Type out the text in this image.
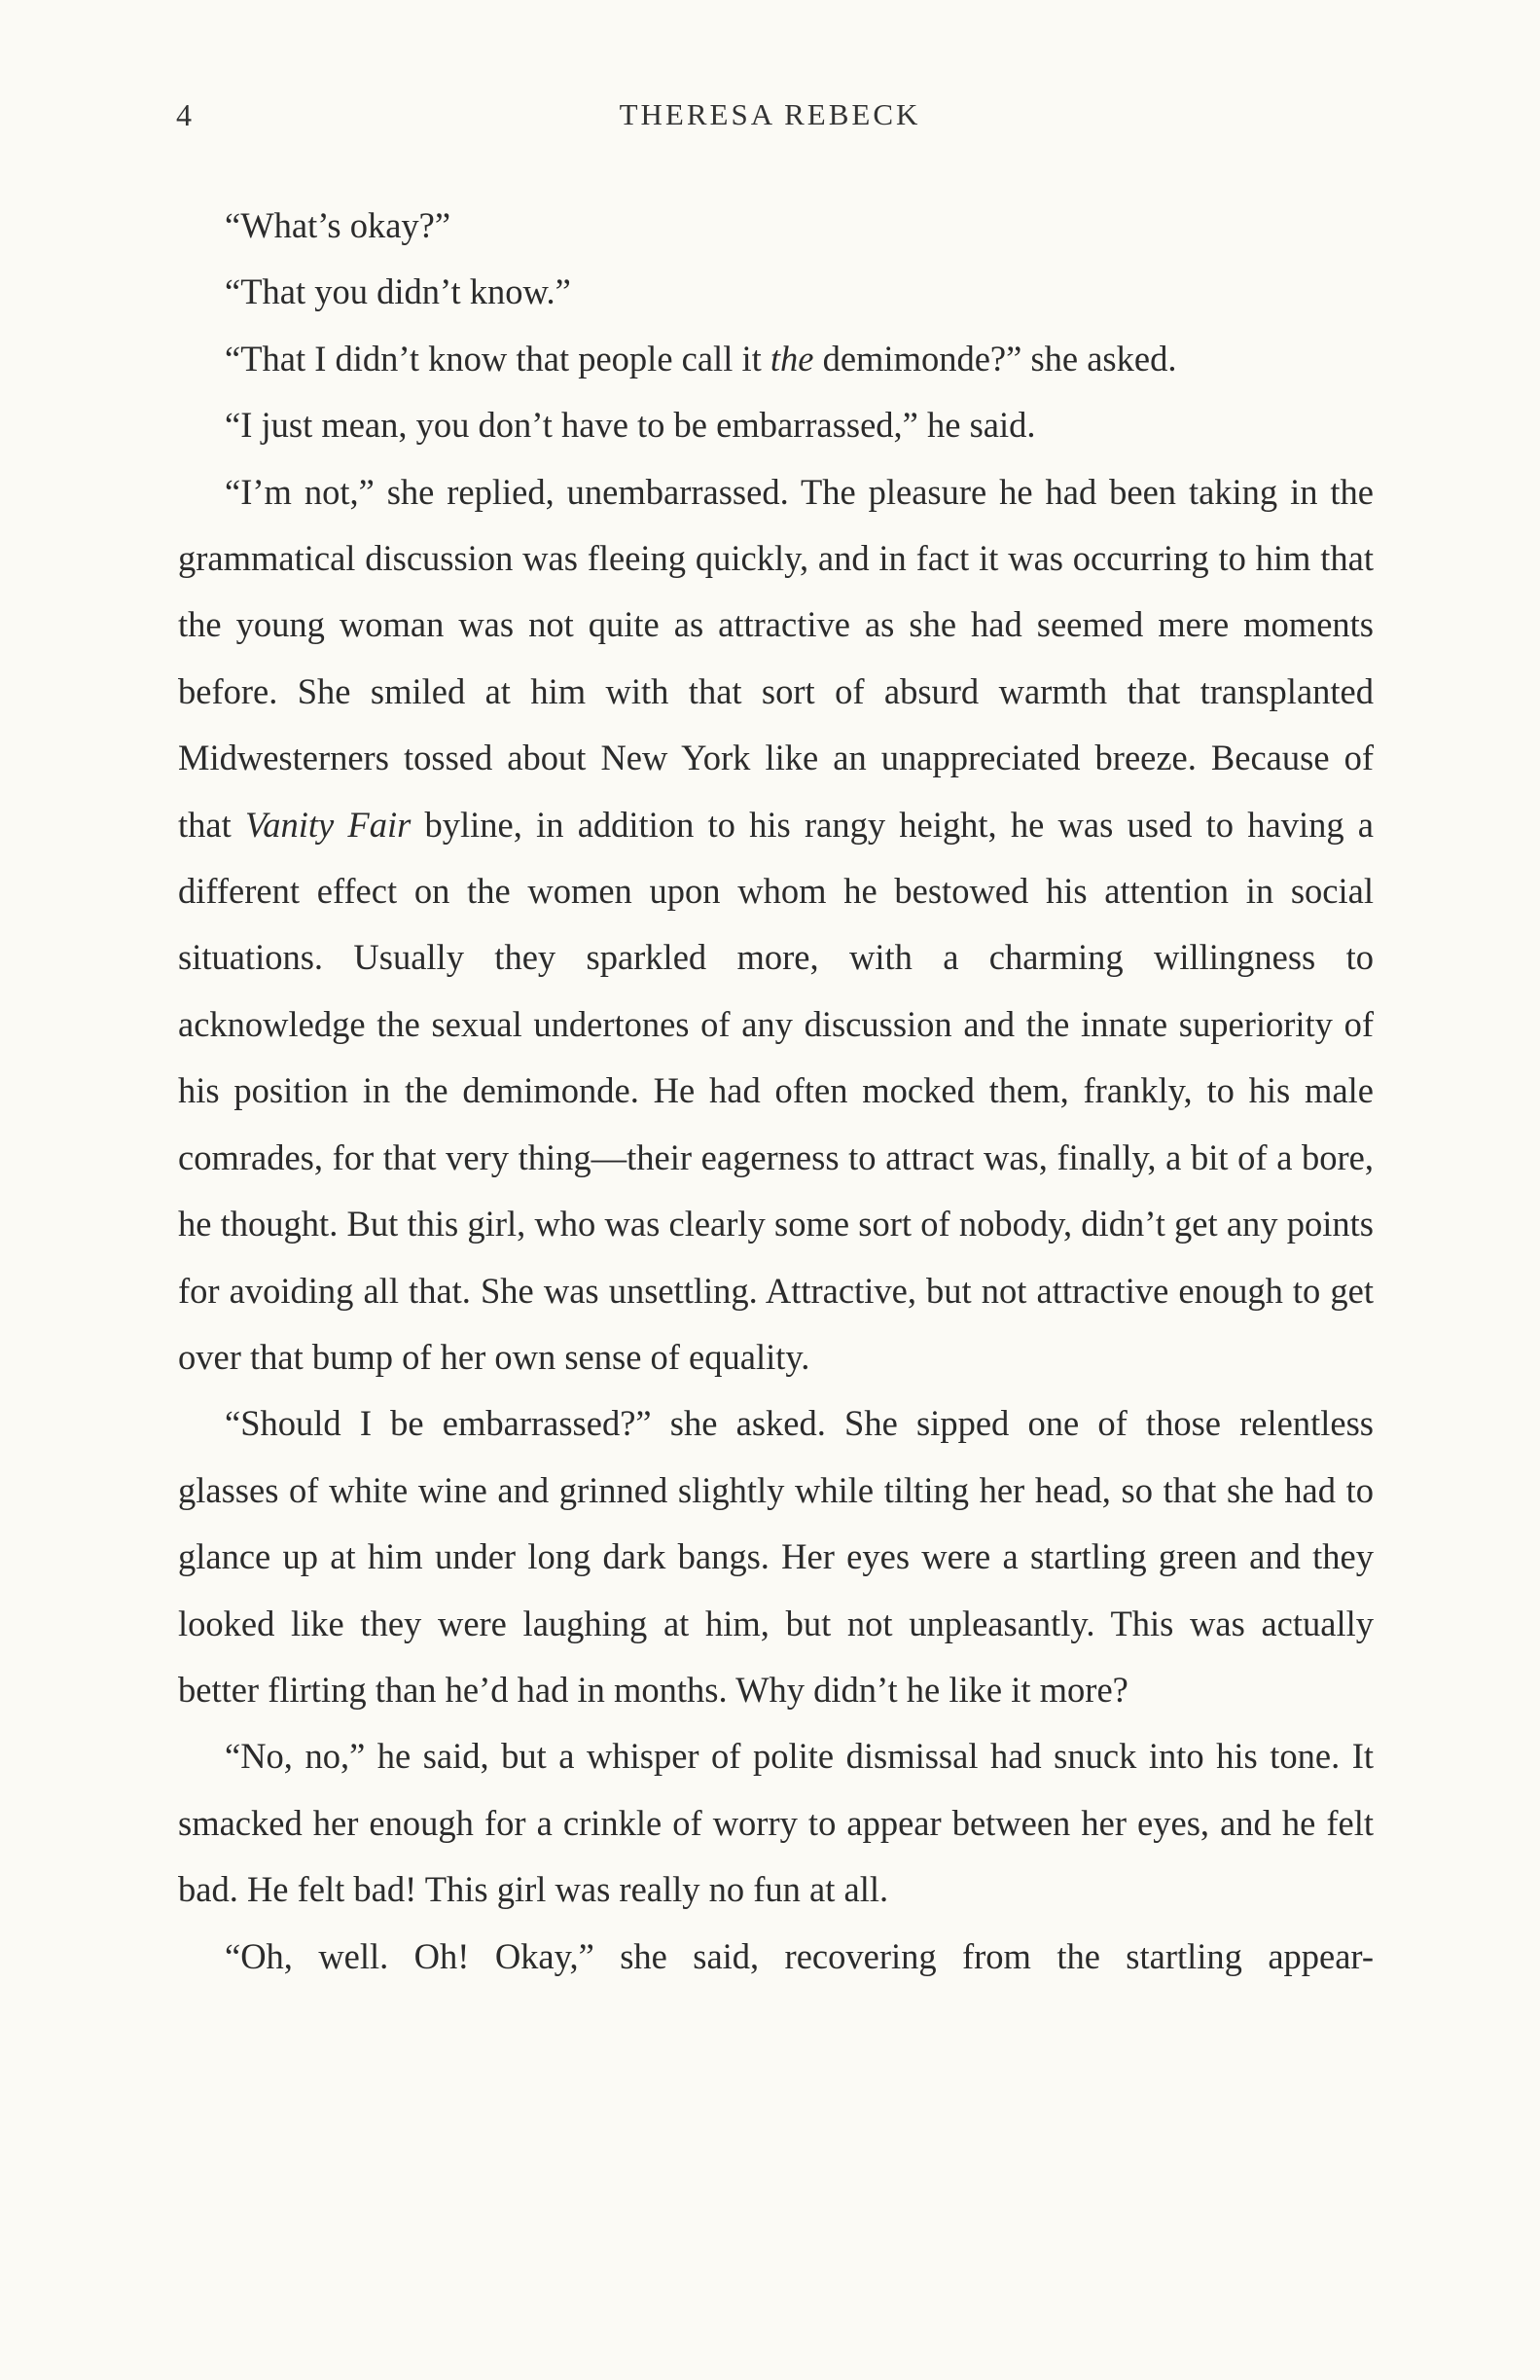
4	THERESA REBECK

“What’s okay?”

“That you didn’t know.”

“That I didn’t know that people call it the demimonde?” she asked.

“I just mean, you don’t have to be embarrassed,” he said.

“I’m not,” she replied, unembarrassed. The pleasure he had been taking in the grammatical discussion was fleeing quickly, and in fact it was occurring to him that the young woman was not quite as attractive as she had seemed mere moments before. She smiled at him with that sort of absurd warmth that transplanted Midwesterners tossed about New York like an unappreciated breeze. Because of that Vanity Fair byline, in addition to his rangy height, he was used to having a different effect on the women upon whom he bestowed his attention in social situations. Usually they sparkled more, with a charming willingness to acknowledge the sexual undertones of any discussion and the innate superiority of his position in the demimonde. He had often mocked them, frankly, to his male comrades, for that very thing—their eagerness to attract was, finally, a bit of a bore, he thought. But this girl, who was clearly some sort of nobody, didn’t get any points for avoiding all that. She was unsettling. Attractive, but not attractive enough to get over that bump of her own sense of equality.

“Should I be embarrassed?” she asked. She sipped one of those relentless glasses of white wine and grinned slightly while tilting her head, so that she had to glance up at him under long dark bangs. Her eyes were a startling green and they looked like they were laughing at him, but not unpleasantly. This was actually better flirting than he’d had in months. Why didn’t he like it more?

“No, no,” he said, but a whisper of polite dismissal had snuck into his tone. It smacked her enough for a crinkle of worry to appear between her eyes, and he felt bad. He felt bad! This girl was really no fun at all.

“Oh, well. Oh! Okay,” she said, recovering from the startling appear-
